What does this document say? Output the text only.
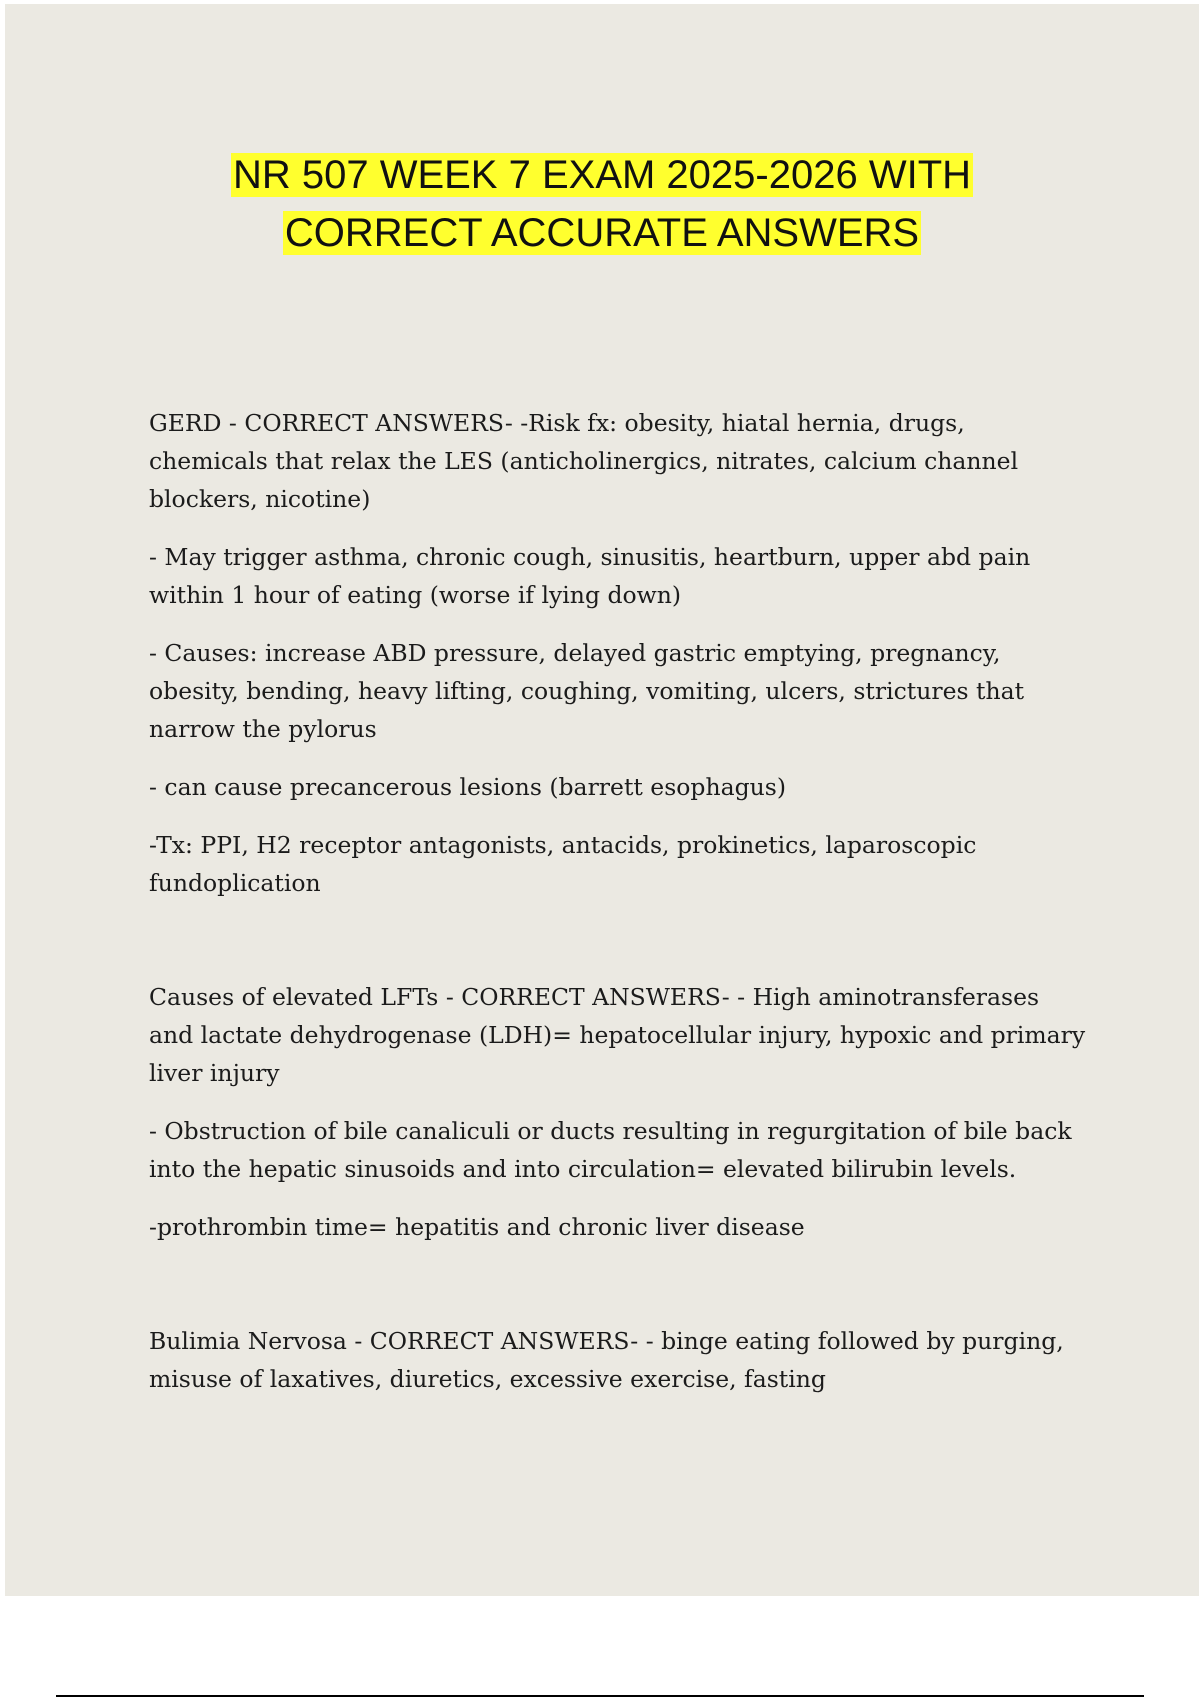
NR 507 WEEK 7 EXAM 2025-2026 WITH
CORRECT ACCURATE ANSWERS

GERD - CORRECT ANSWERS- -Risk fx: obesity, hiatal hernia, drugs, chemicals that relax the LES (anticholinergics, nitrates, calcium channel blockers, nicotine)

- May trigger asthma, chronic cough, sinusitis, heartburn, upper abd pain within 1 hour of eating (worse if lying down)

- Causes: increase ABD pressure, delayed gastric emptying, pregnancy, obesity, bending, heavy lifting, coughing, vomiting, ulcers, strictures that narrow the pylorus

- can cause precancerous lesions (barrett esophagus)

-Tx: PPI, H2 receptor antagonists, antacids, prokinetics, laparoscopic fundoplication

Causes of elevated LFTs - CORRECT ANSWERS- - High aminotransferases and lactate dehydrogenase (LDH)= hepatocellular injury, hypoxic and primary liver injury

- Obstruction of bile canaliculi or ducts resulting in regurgitation of bile back into the hepatic sinusoids and into circulation= elevated bilirubin levels.

-prothrombin time= hepatitis and chronic liver disease

Bulimia Nervosa - CORRECT ANSWERS- - binge eating followed by purging, misuse of laxatives, diuretics, excessive exercise, fasting
